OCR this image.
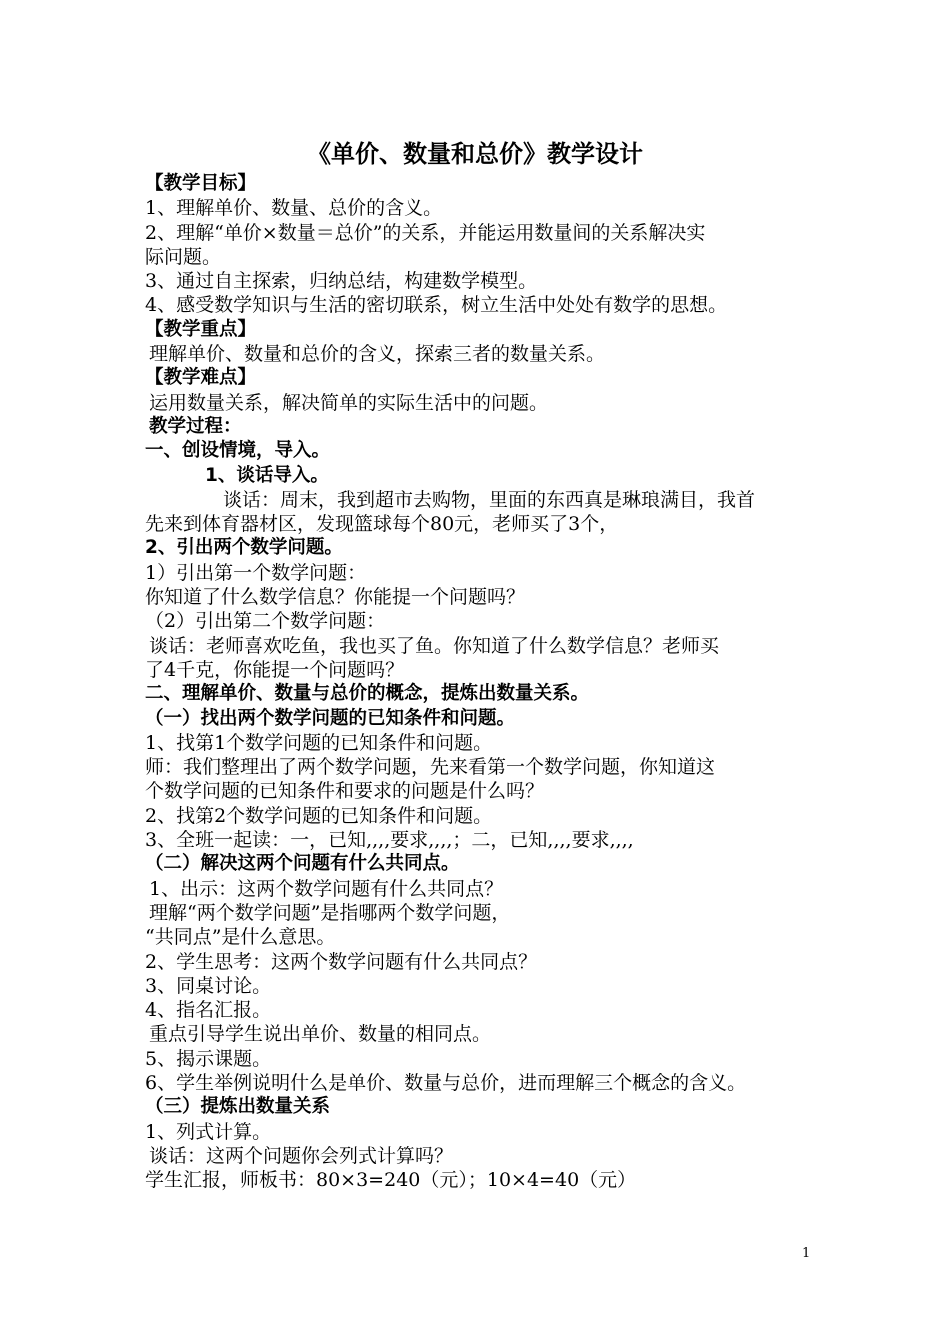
《单价、数量和总价》教学设计
【教学目标】
1、理解单价、数量、总价的含义。
2、理解“单价×数量＝总价”的关系，并能运用数量间的关系解决实
际问题。
3、通过自主探索，归纳总结，构建数学模型。
4、感受数学知识与生活的密切联系，树立生活中处处有数学的思想。
【教学重点】
理解单价、数量和总价的含义，探索三者的数量关系。
【教学难点】
运用数量关系，解决简单的实际生活中的问题。
教学过程：
一、创设情境，导入。
1、谈话导入。
谈话：周末，我到超市去购物，里面的东西真是琳琅满目，我首
先来到体育器材区，发现篮球每个80元，老师买了3个，
2、引出两个数学问题。
1）引出第一个数学问题：
你知道了什么数学信息？你能提一个问题吗？
（2）引出第二个数学问题：
谈话：老师喜欢吃鱼，我也买了鱼。你知道了什么数学信息？老师买
了4千克，你能提一个问题吗？
二、理解单价、数量与总价的概念，提炼出数量关系。
（一）找出两个数学问题的已知条件和问题。
1、找第1个数学问题的已知条件和问题。
师：我们整理出了两个数学问题，先来看第一个数学问题，你知道这
个数学问题的已知条件和要求的问题是什么吗？
2、找第2个数学问题的已知条件和问题。
3、全班一起读：一，已知,,,,要求,,,,；二，已知,,,,要求,,,,
（二）解决这两个问题有什么共同点。
1、出示：这两个数学问题有什么共同点？
理解“两个数学问题”是指哪两个数学问题，
“共同点”是什么意思。
2、学生思考：这两个数学问题有什么共同点？
3、同桌讨论。
4、指名汇报。
重点引导学生说出单价、数量的相同点。
5、揭示课题。
6、学生举例说明什么是单价、数量与总价，进而理解三个概念的含义。
（三）提炼出数量关系
1、列式计算。
谈话：这两个问题你会列式计算吗？
学生汇报，师板书：80×3=240（元）；10×4=40（元）
1
